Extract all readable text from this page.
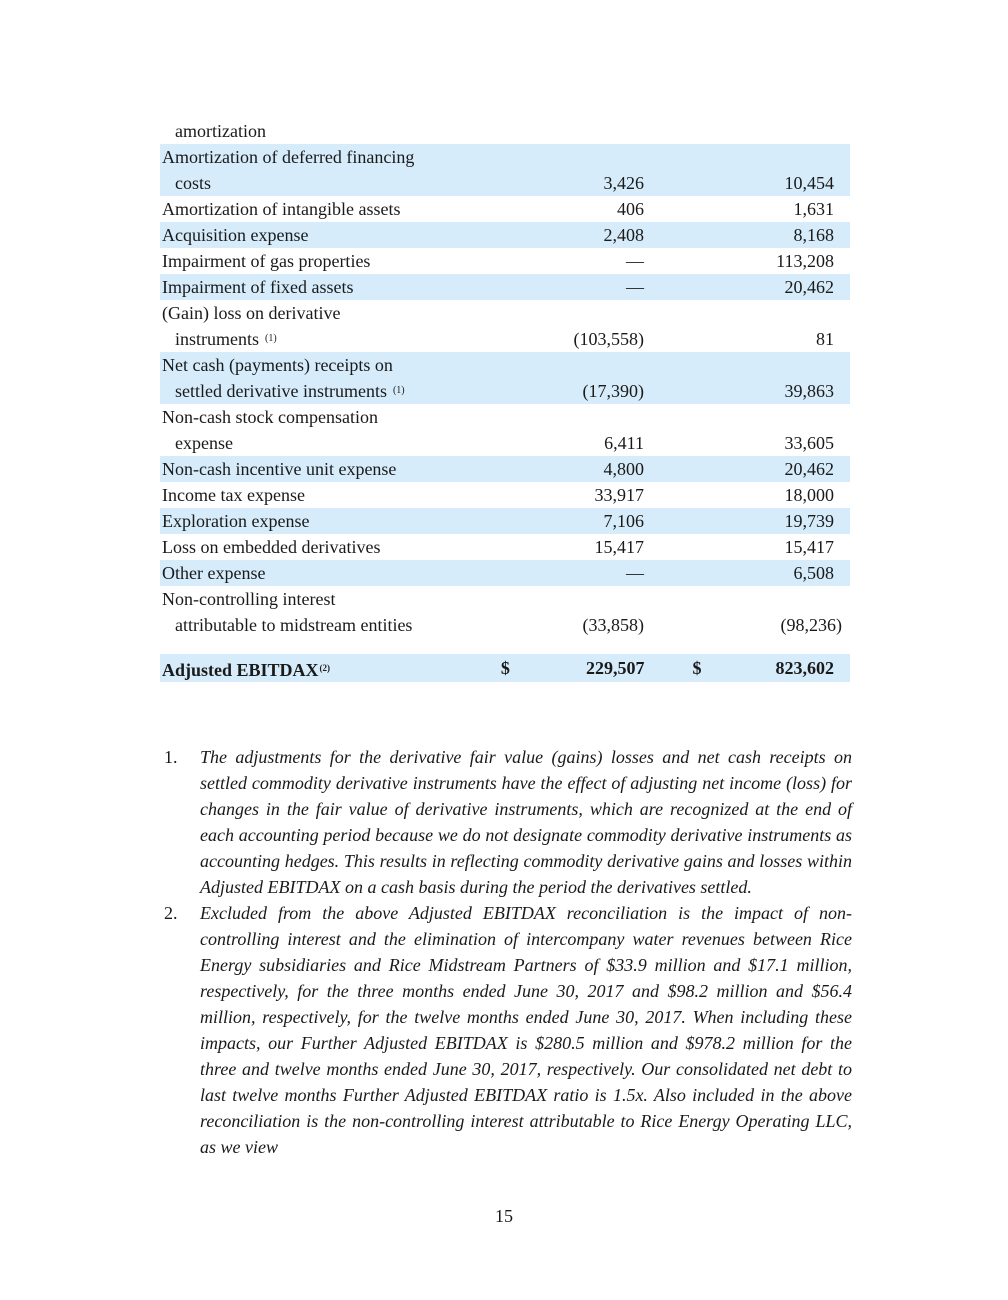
amortization
Amortization of deferred financing
costs	3,426	10,454
Amortization of intangible assets	406	1,631
Acquisition expense	2,408	8,168
Impairment of gas properties	—	113,208
Impairment of fixed assets	—	20,462
(Gain) loss on derivative
instruments $^{(1)}$	(103,558)	81
Net cash (payments) receipts on
settled derivative instruments $^{(1)}$	(17,390)	39,863
Non-cash stock compensation
expense	6,411	33,605
Non-cash incentive unit expense	4,800	20,462
Income tax expense	33,917	18,000
Exploration expense	7,106	19,739
Loss on embedded derivatives	15,417	15,417
Other expense	—	6,508
Non-controlling interest
attributable to midstream entities	(33,858)	(98,236)
Adjusted EBITDAX$^{(2)}$	$	229,507	$	823,602
1.	The adjustments for the derivative fair value (gains) losses and net cash receipts on settled commodity derivative instruments have the effect of adjusting net income (loss) for changes in the fair value of derivative instruments, which are recognized at the end of each accounting period because we do not designate commodity derivative instruments as accounting hedges. This results in reflecting commodity derivative gains and losses within Adjusted EBITDAX on a cash basis during the period the derivatives settled.
2.	Excluded from the above Adjusted EBITDAX reconciliation is the impact of non-controlling interest and the elimination of intercompany water revenues between Rice Energy subsidiaries and Rice Midstream Partners of $33.9 million and $17.1 million, respectively, for the three months ended June 30, 2017 and $98.2 million and $56.4 million, respectively, for the twelve months ended June 30, 2017. When including these impacts, our Further Adjusted EBITDAX is $280.5 million and $978.2 million for the three and twelve months ended June 30, 2017, respectively. Our consolidated net debt to last twelve months Further Adjusted EBITDAX ratio is 1.5x. Also included in the above reconciliation is the non-controlling interest attributable to Rice Energy Operating LLC, as we view
15
